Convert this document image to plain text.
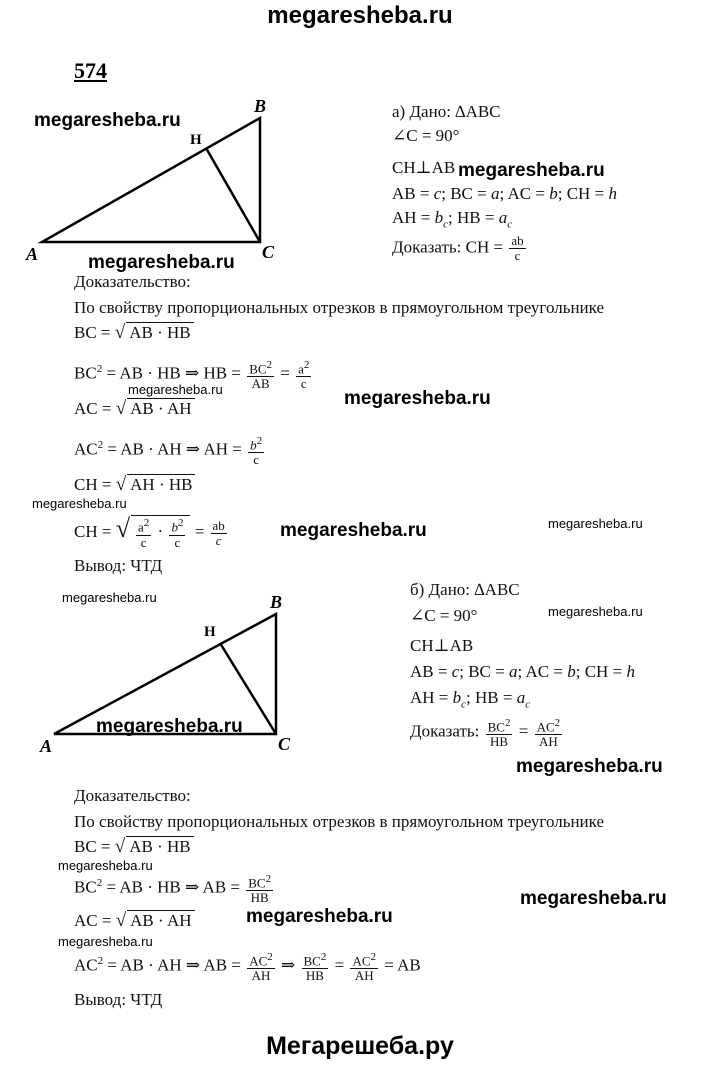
megaresheba.ru
Мегарешеба.ру
574
B
H
A	C
B
H
A	C
а) Дано: ∆ABC
∠C = 90°
CH⊥AB
AB = c; BC = a; AC = b; CH = h
AH = $b_c$; HB = $a_c$
Доказать: CH = $\frac{ab}{c}$
Доказательство:
По свойству пропорциональных отрезков в прямоугольном треугольнике
BC = √ AB · HB
$BC^2$ = AB · HB ⇒ HB = $\frac{BC^2}{AB} = \frac{a^2}{c}$
AC = √ AB · AH
$AC^2$ = AB · AH ⇒ AH = $\frac{b^2}{c}$
CH = √ AH · HB
CH = √ $\frac{a^2}{c} \cdot \frac{b^2}{c} = \frac{ab}{c}$
Вывод: ЧТД
б) Дано: ∆ABC
∠C = 90°
CH⊥AB
AB = c; BC = a; AC = b; CH = h
AH = $b_c$; HB = $a_c$
Доказать: $\frac{BC^2}{HB} = \frac{AC^2}{AH}$
Доказательство:
По свойству пропорциональных отрезков в прямоугольном треугольнике
BC = √ AB · HB
$BC^2$ = AB · HB ⇒ AB = $\frac{BC^2}{HB}$
AC = √ AB · AH
$AC^2$ = AB · AH ⇒ AB = $\frac{AC^2}{AH}$ ⇒ $\frac{BC^2}{HB} = \frac{AC^2}{AH}$ = AB
Вывод: ЧТД
megaresheba.ru
megaresheba.ru
megaresheba.ru
megaresheba.ru	megaresheba.ru
megaresheba.ru
megaresheba.ru	megaresheba.ru
megaresheba.ru
megaresheba.ru
megaresheba.ru
megaresheba.ru
megaresheba.ru
megaresheba.ru
megaresheba.ru
megaresheba.ru
